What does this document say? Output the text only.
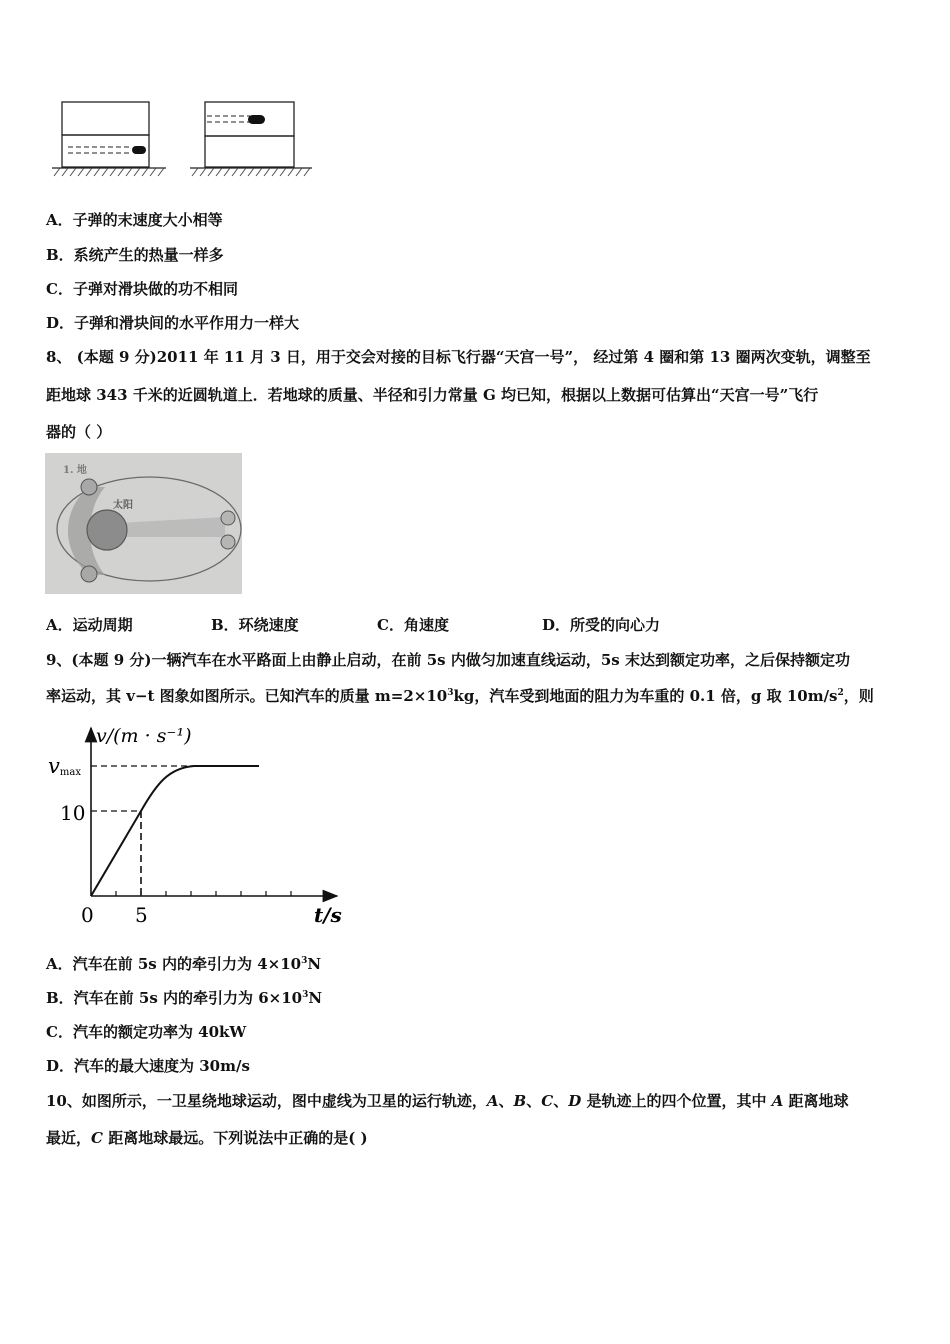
A．子弹的末速度大小相等
B．系统产生的热量一样多
C．子弹对滑块做的功不相同
D．子弹和滑块间的水平作用力一样大
8、 (本题 9 分)2011 年 11 月 3 日，用于交会对接的目标飞行器“天宫一号”， 经过第 4 圈和第 13 圈两次变轨，调整至
距地球 343 千米的近圆轨道上．若地球的质量、半径和引力常量 G 均已知，根据以上数据可估算出“天宫一号”飞行
器的（ ）
1. 地
太阳
A．运动周期	B．环绕速度	C．角速度	D．所受的向心力
9、(本题 9 分)一辆汽车在水平路面上由静止启动，在前 5s 内做匀加速直线运动，5s 末达到额定功率，之后保持额定功
率运动，其 v−t 图象如图所示。已知汽车的质量 $m=2\times 10^3kg$，汽车受到地面的阻力为车重的 0.1 倍，g 取 $10m/s^2$，则
v/(m · s⁻¹)
t/s
0 5
10
vmax
A．汽车在前 5s 内的牵引力为 $4\times 10^3N$
B．汽车在前 5s 内的牵引力为 $6\times 10^3N$
C．汽车的额定功率为 40kW
D．汽车的最大速度为 30m/s
10、如图所示，一卫星绕地球运动，图中虚线为卫星的运行轨迹，A、B、C、D 是轨迹上的四个位置，其中 A 距离地球
最近，C 距离地球最远。下列说法中正确的是( )
